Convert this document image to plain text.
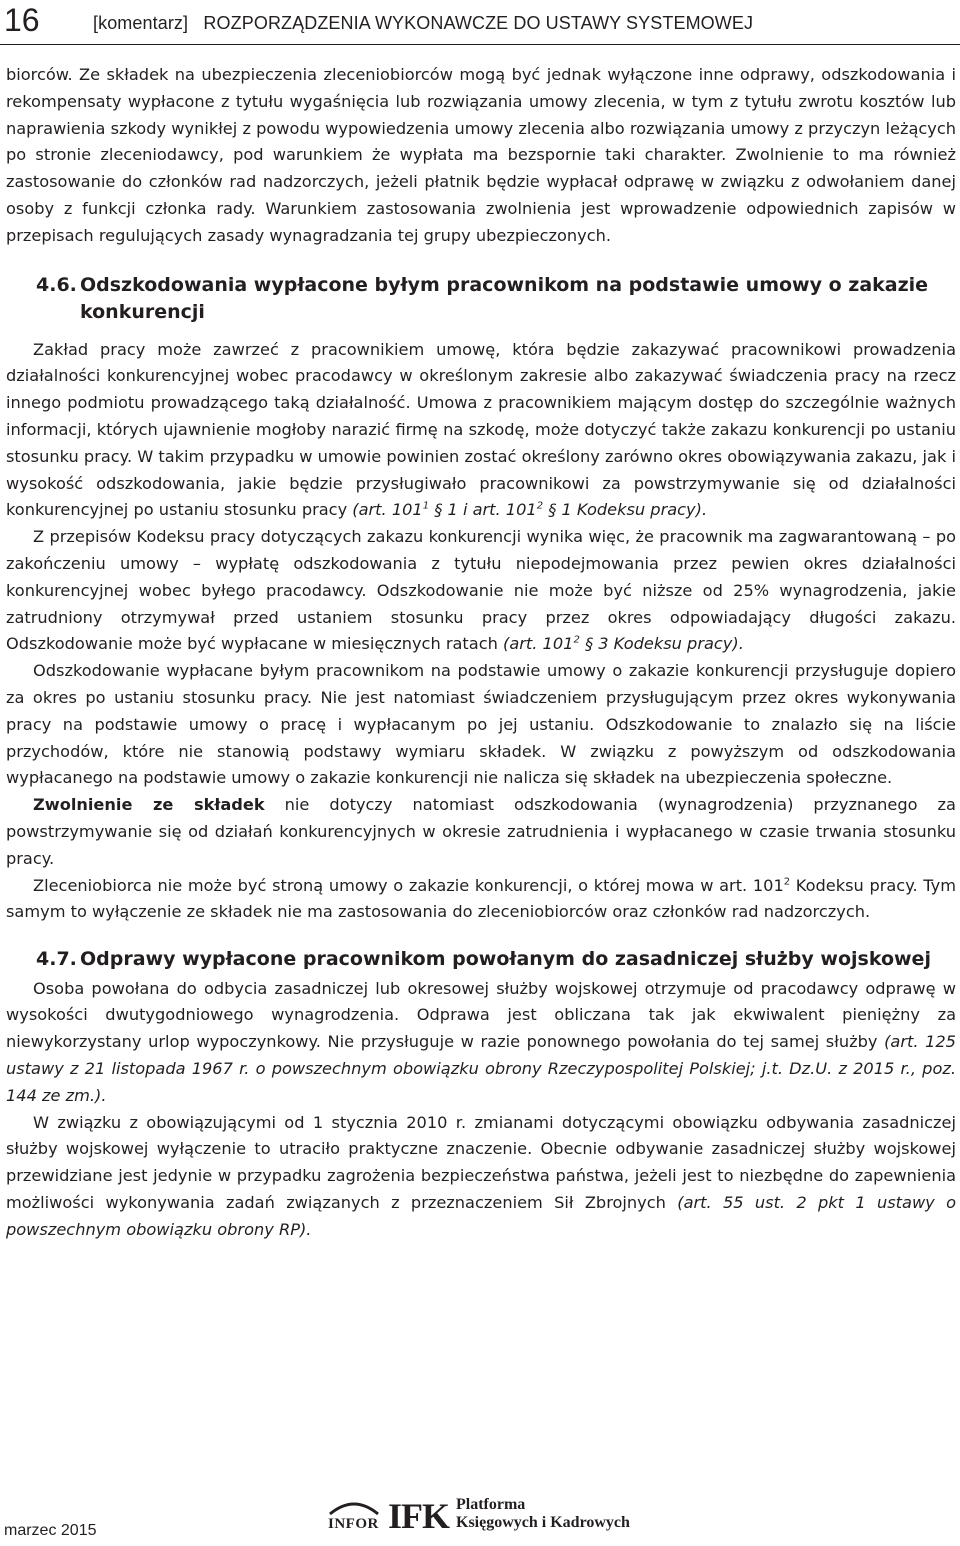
16	[komentarz]   ROZPORZĄDZENIA WYKONAWCZE DO USTAWY SYSTEMOWEJ

biorców. Ze składek na ubezpieczenia zleceniobiorców mogą być jednak wyłączone inne odprawy, odszkodowania i rekompensaty wypłacone z tytułu wygaśnięcia lub rozwiązania umowy zlecenia, w tym z tytułu zwrotu kosztów lub naprawienia szkody wynikłej z powodu wypowiedzenia umowy zlecenia albo rozwiązania umowy z przyczyn leżących po stronie zleceniodawcy, pod warunkiem że wypłata ma bezspornie taki charakter. Zwolnienie to ma również zastosowanie do członków rad nadzorczych, jeżeli płatnik będzie wypłacał odprawę w związku z odwołaniem danej osoby z funkcji członka rady. Warunkiem zastosowania zwolnienia jest wprowadzenie odpowiednich zapisów w przepisach regulujących zasady wynagradzania tej grupy ubezpieczonych.

4.6. Odszkodowania wypłacone byłym pracownikom na podstawie umowy o zakazie konkurencji

Zakład pracy może zawrzeć z pracownikiem umowę, która będzie zakazywać pracownikowi prowadzenia działalności konkurencyjnej wobec pracodawcy w określonym zakresie albo zakazywać świadczenia pracy na rzecz innego podmiotu prowadzącego taką działalność. Umowa z pracownikiem mającym dostęp do szczególnie ważnych informacji, których ujawnienie mogłoby narazić firmę na szkodę, może dotyczyć także zakazu konkurencji po ustaniu stosunku pracy. W takim przypadku w umowie powinien zostać określony zarówno okres obowiązywania zakazu, jak i wysokość odszkodowania, jakie będzie przysługiwało pracownikowi za powstrzymywanie się od działalności konkurencyjnej po ustaniu stosunku pracy (art. $101^1$ § 1 i art. $101^2$ § 1 Kodeksu pracy).

Z przepisów Kodeksu pracy dotyczących zakazu konkurencji wynika więc, że pracownik ma zagwarantowaną – po zakończeniu umowy – wypłatę odszkodowania z tytułu niepodejmowania przez pewien okres działalności konkurencyjnej wobec byłego pracodawcy. Odszkodowanie nie może być niższe od 25% wynagrodzenia, jakie zatrudniony otrzymywał przed ustaniem stosunku pracy przez okres odpowiadający długości zakazu. Odszkodowanie może być wypłacane w miesięcznych ratach (art. $101^2$ § 3 Kodeksu pracy).

Odszkodowanie wypłacane byłym pracownikom na podstawie umowy o zakazie konkurencji przysługuje dopiero za okres po ustaniu stosunku pracy. Nie jest natomiast świadczeniem przysługującym przez okres wykonywania pracy na podstawie umowy o pracę i wypłacanym po jej ustaniu. Odszkodowanie to znalazło się na liście przychodów, które nie stanowią podstawy wymiaru składek. W związku z powyższym od odszkodowania wypłacanego na podstawie umowy o zakazie konkurencji nie nalicza się składek na ubezpieczenia społeczne.

Zwolnienie ze składek nie dotyczy natomiast odszkodowania (wynagrodzenia) przyznanego za powstrzymywanie się od działań konkurencyjnych w okresie zatrudnienia i wypłacanego w czasie trwania stosunku pracy.

Zleceniobiorca nie może być stroną umowy o zakazie konkurencji, o której mowa w art. $101^2$ Kodeksu pracy. Tym samym to wyłączenie ze składek nie ma zastosowania do zleceniobiorców oraz członków rad nadzorczych.

4.7. Odprawy wypłacone pracownikom powołanym do zasadniczej służby wojskowej

Osoba powołana do odbycia zasadniczej lub okresowej służby wojskowej otrzymuje od pracodawcy odprawę w wysokości dwutygodniowego wynagrodzenia. Odprawa jest obliczana tak jak ekwiwalent pieniężny za niewykorzystany urlop wypoczynkowy. Nie przysługuje w razie ponownego powołania do tej samej służby (art. 125 ustawy z 21 listopada 1967 r. o powszechnym obowiązku obrony Rzeczypospolitej Polskiej; j.t. Dz.U. z 2015 r., poz. 144 ze zm.).

W związku z obowiązującymi od 1 stycznia 2010 r. zmianami dotyczącymi obowiązku odbywania zasadniczej służby wojskowej wyłączenie to utraciło praktyczne znaczenie. Obecnie odbywanie zasadniczej służby wojskowej przewidziane jest jedynie w przypadku zagrożenia bezpieczeństwa państwa, jeżeli jest to niezbędne do zapewnienia możliwości wykonywania zadań związanych z przeznaczeniem Sił Zbrojnych (art. 55 ust. 2 pkt 1 ustawy o powszechnym obowiązku obrony RP).

marzec 2015	INFOR IFK Platforma
Księgowych i Kadrowych
